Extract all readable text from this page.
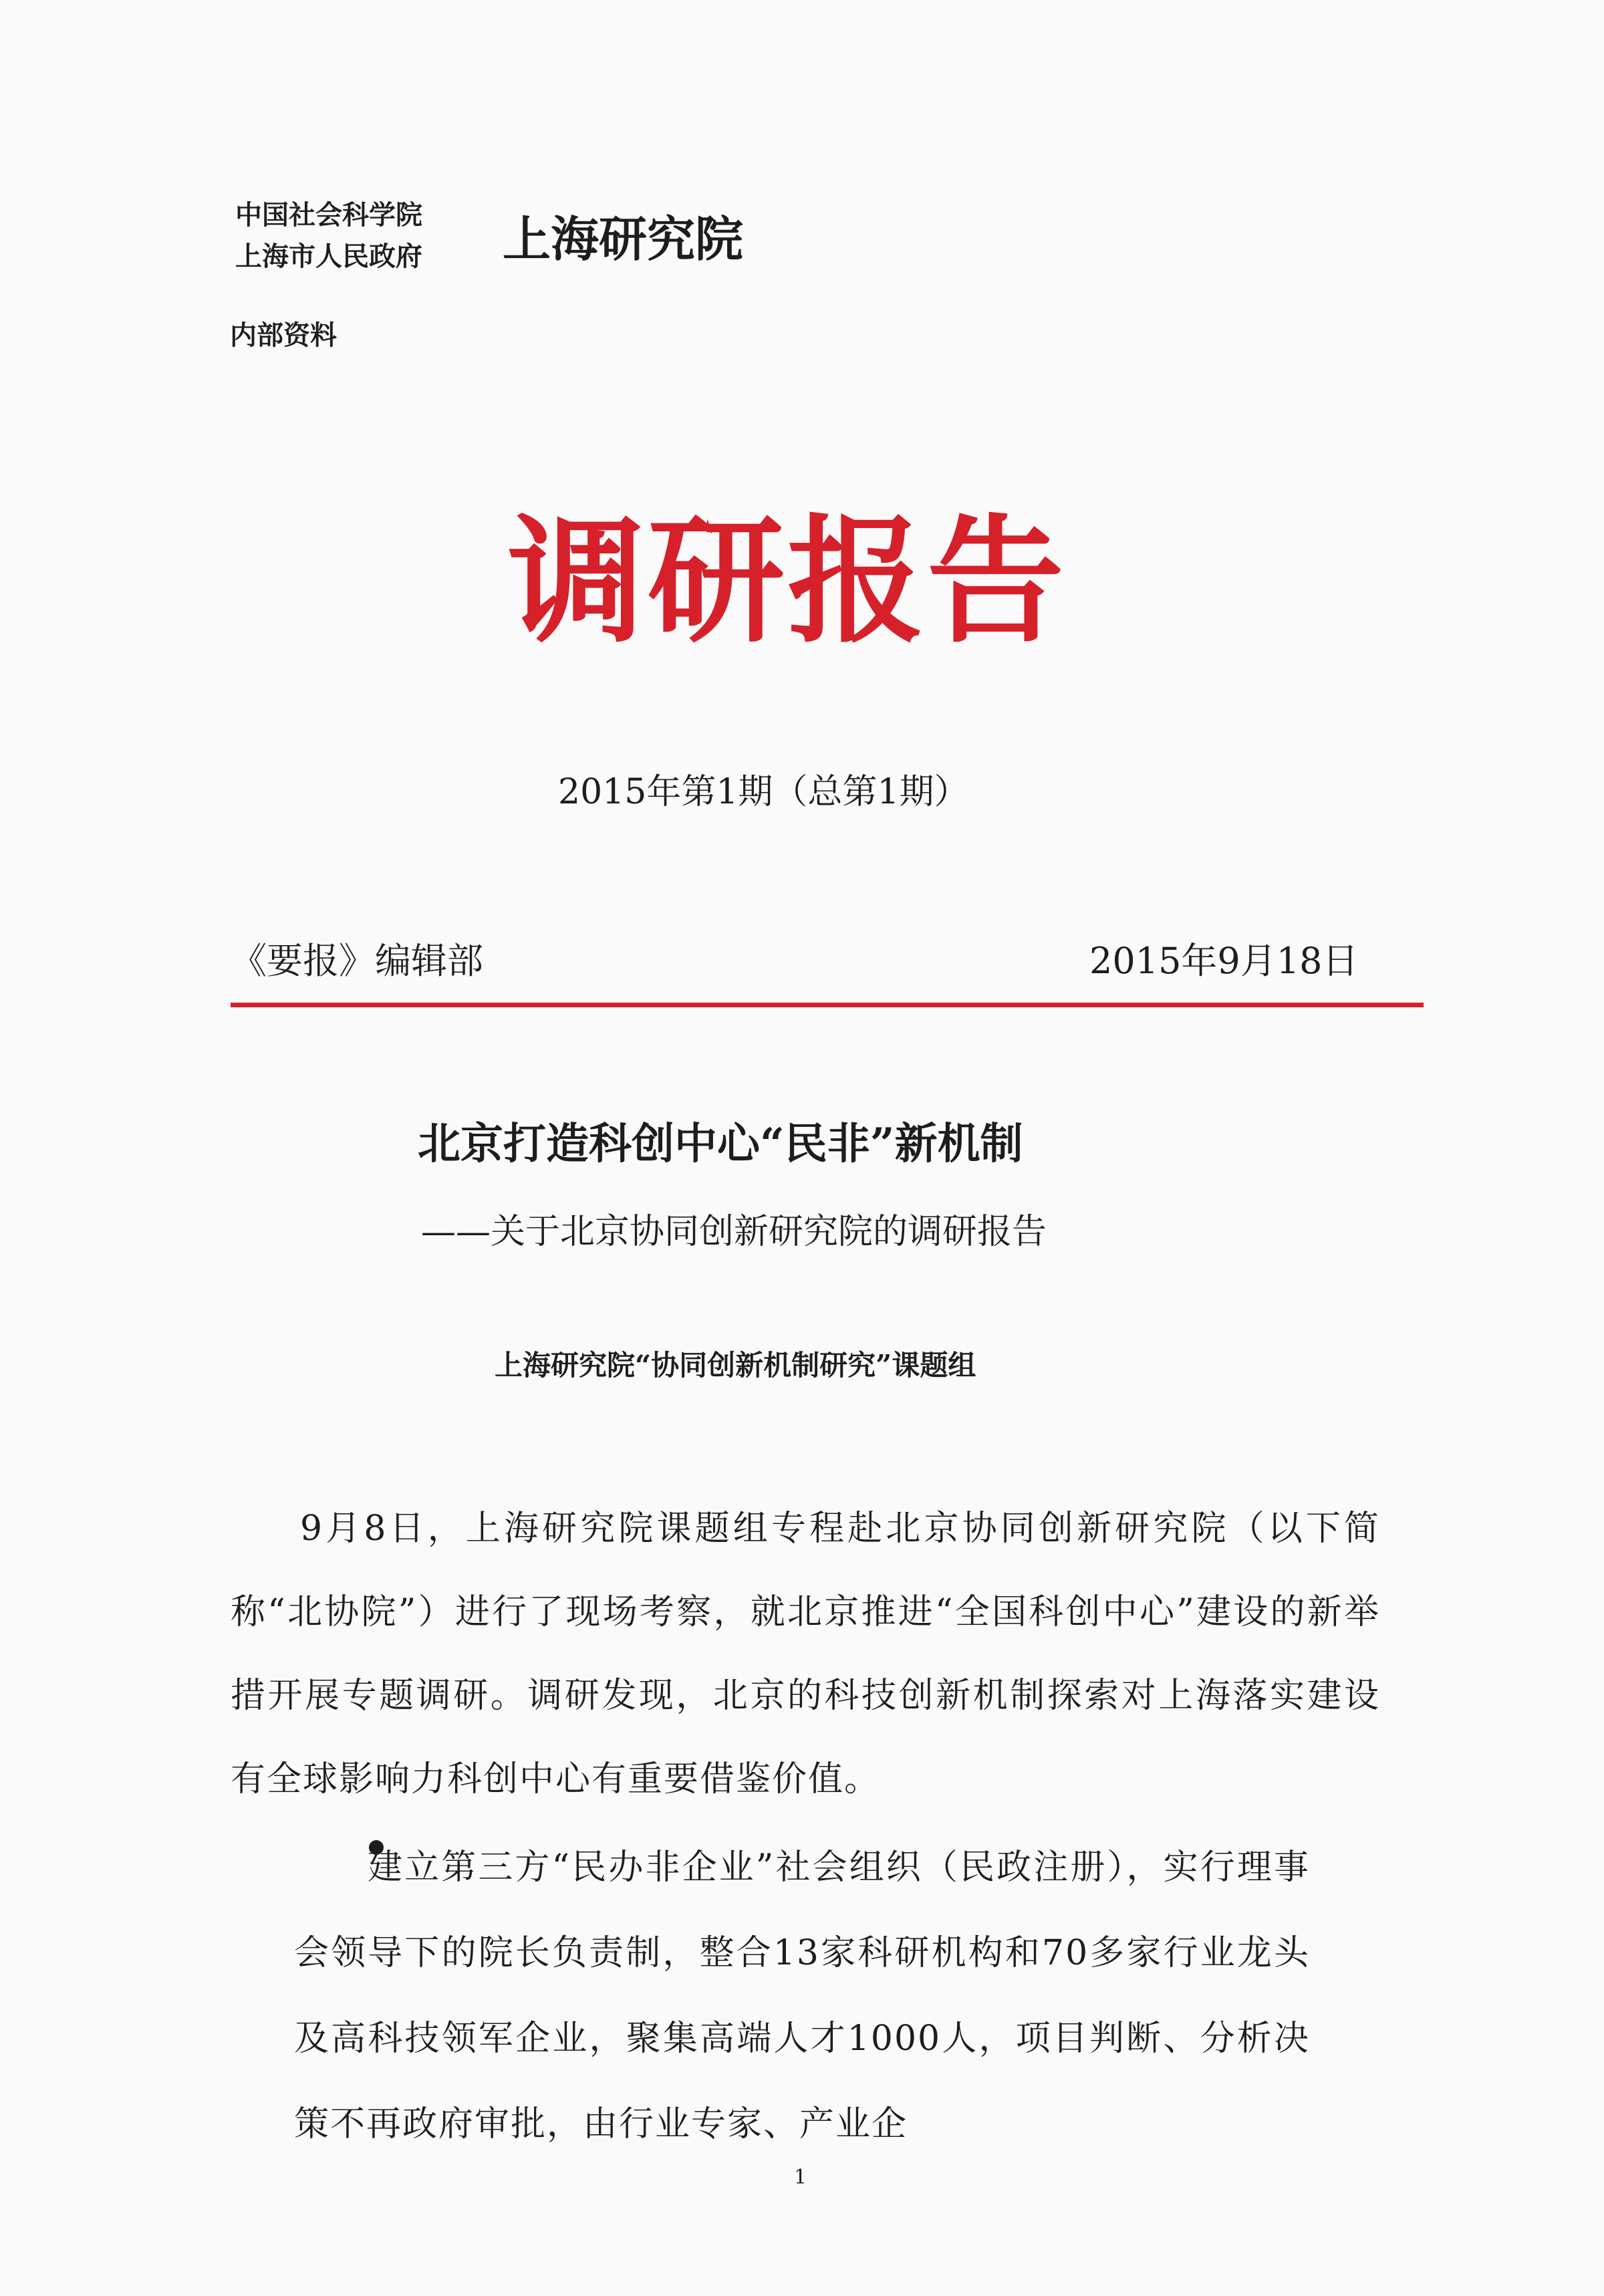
中国社会科学院
上海市人民政府 上海研究院
内部资料
调研报告
2015年第1期（总第1期）
《要报》编辑部	2015年9月18日
北京打造科创中心“民非”新机制
——关于北京协同创新研究院的调研报告
上海研究院“协同创新机制研究”课题组
9月8日，上海研究院课题组专程赴北京协同创新研究院（以下简称“北协院”）进行了现场考察，就北京推进“全国科创中心”建设的新举措开展专题调研。调研发现，北京的科技创新机制探索对上海落实建设有全球影响力科创中心有重要借鉴价值。
建立第三方“民办非企业”社会组织（民政注册），实行理事会领导下的院长负责制，整合13家科研机构和70多家行业龙头及高科技领军企业，聚集高端人才1000人，项目判断、分析决策不再政府审批，由行业专家、产业企
1
